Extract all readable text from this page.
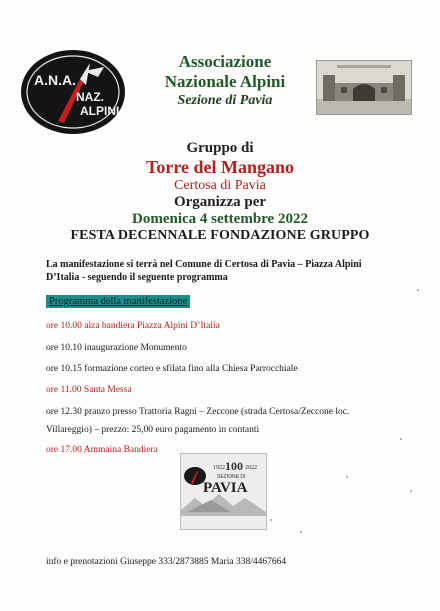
A.N.A.
NAZ.
ALPINI
Associazione
Nazionale Alpini
Sezione di Pavia
Gruppo di
Torre del Mangano
Certosa di Pavia
Organizza per
Domenica 4 settembre 2022
FESTA DECENNALE FONDAZIONE GRUPPO
La manifestazione si terrà nel Comune di Certosa di Pavia – Piazza Alpini
D’Italia - seguendo il seguente programma
Programma della manifestazione
ore 10.00 alza bandiera Piazza Alpini D’Italia
ore 10.10 inaugurazione Monumento
ore 10.15 formazione corteo e sfilata fino alla Chiesa Parrocchiale
ore 11.00 Santa Messa
ore 12.30 pranzo presso Trattoria Ragni – Zeccone (strada Certosa/Zeccone loc.
Villareggio) – prezzo: 25,00 euro pagamento in contanti
ore 17.00 Ammaina Bandiera
1922 100 2022
SEZIONE DI
PAVIA
info e prenotazioni Giuseppe 333/2873885 Maria 338/4467664
